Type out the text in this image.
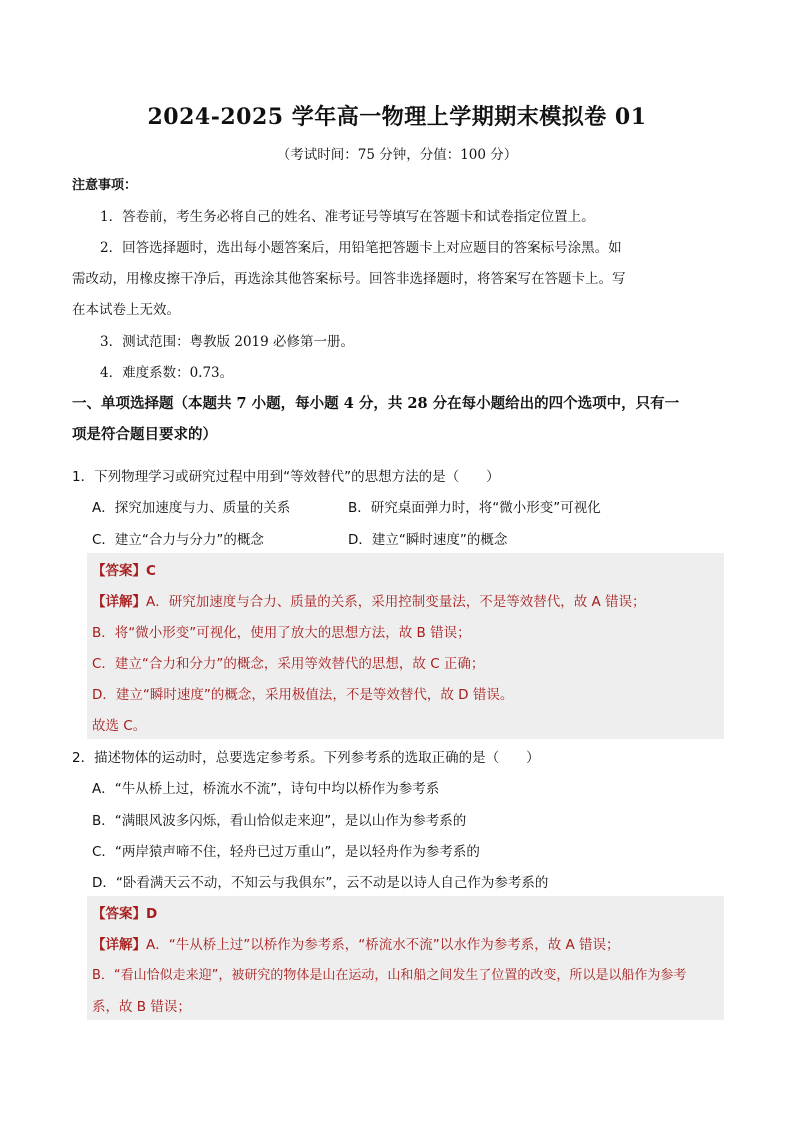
2024-2025 学年高一物理上学期期末模拟卷 01
（考试时间：75 分钟，分值：100 分）
注意事项：
1．答卷前，考生务必将自己的姓名、准考证号等填写在答题卡和试卷指定位置上。
2．回答选择题时，选出每小题答案后，用铅笔把答题卡上对应题目的答案标号涂黑。如
需改动，用橡皮擦干净后，再选涂其他答案标号。回答非选择题时，将答案写在答题卡上。写
在本试卷上无效。
3．测试范围：粤教版 2019 必修第一册。
4．难度系数：0.73。
一、单项选择题（本题共 7 小题，每小题 4 分，共 28 分在每小题给出的四个选项中，只有一
项是符合题目要求的）
1．下列物理学习或研究过程中用到“等效替代”的思想方法的是（　　）
A．探究加速度与力、质量的关系	B．研究桌面弹力时，将“微小形变”可视化
C．建立“合力与分力”的概念	D．建立“瞬时速度”的概念
【答案】C
【详解】A．研究加速度与合力、质量的关系，采用控制变量法，不是等效替代，故 A 错误；
B．将“微小形变”可视化，使用了放大的思想方法，故 B 错误；
C．建立“合力和分力”的概念，采用等效替代的思想，故 C 正确；
D．建立“瞬时速度”的概念，采用极值法，不是等效替代，故 D 错误。
故选 C。
2．描述物体的运动时，总要选定参考系。下列参考系的选取正确的是（　　）
A．“牛从桥上过，桥流水不流”，诗句中均以桥作为参考系
B．“满眼风波多闪烁，看山恰似走来迎”，是以山作为参考系的
C．“两岸猿声啼不住，轻舟已过万重山”，是以轻舟作为参考系的
D．“卧看满天云不动，不知云与我俱东”，云不动是以诗人自己作为参考系的
【答案】D
【详解】A．“牛从桥上过”以桥作为参考系，“桥流水不流”以水作为参考系，故 A 错误；
B．“看山恰似走来迎”，被研究的物体是山在运动，山和船之间发生了位置的改变，所以是以船作为参考
系，故 B 错误；
